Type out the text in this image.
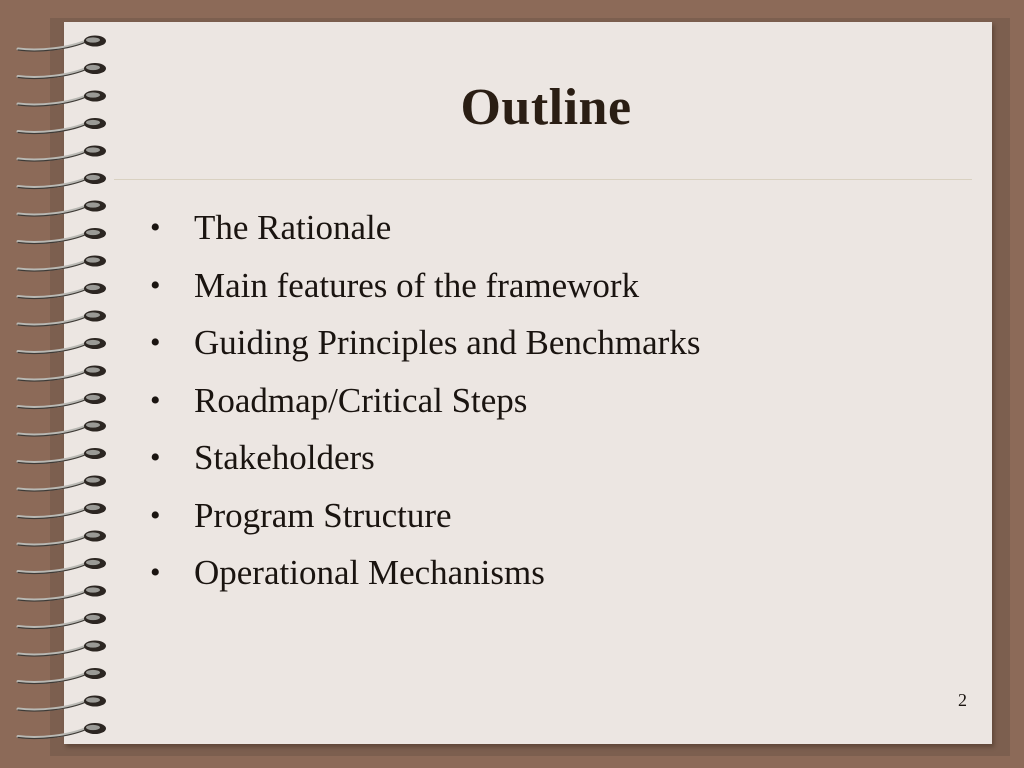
Outline
• The Rationale
• Main features of the framework
• Guiding Principles and Benchmarks
• Roadmap/Critical Steps
• Stakeholders
• Program Structure
• Operational Mechanisms
2
